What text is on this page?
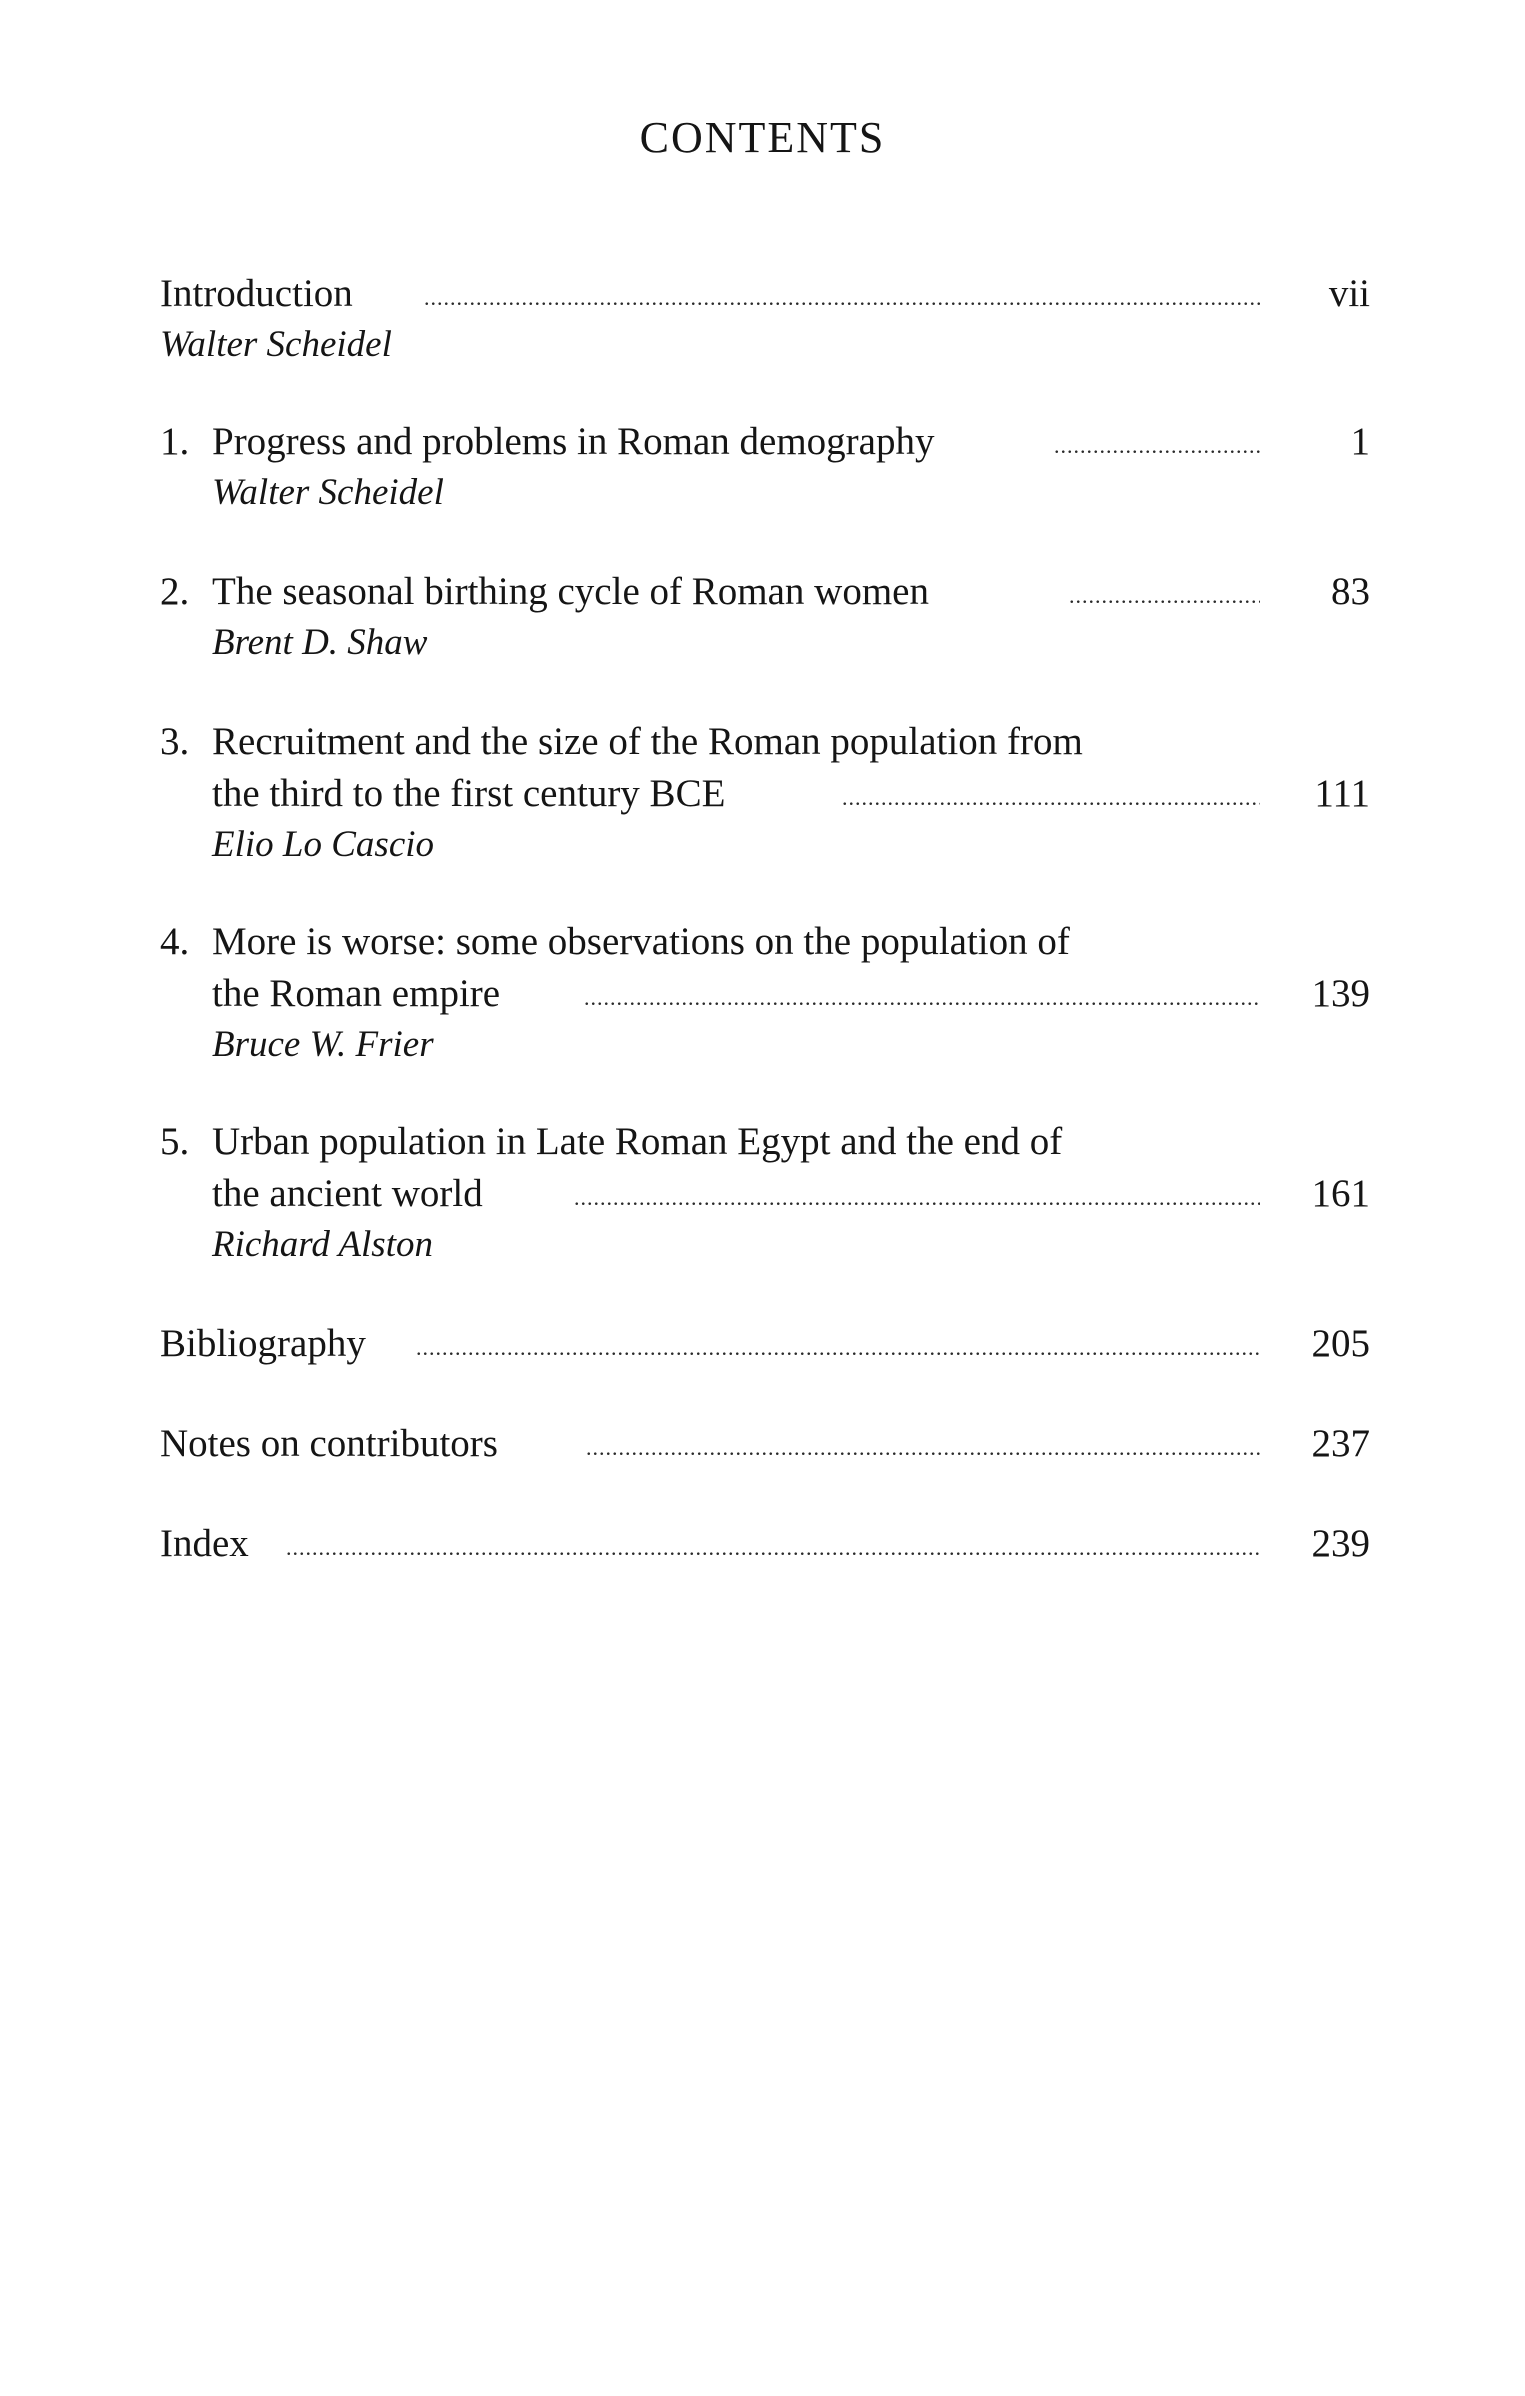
CONTENTS
Introduction .....	vii
Walter Scheidel
1. Progress and problems in Roman demography .....	1
Walter Scheidel
2. The seasonal birthing cycle of Roman women .....	83
Brent D. Shaw
3. Recruitment and the size of the Roman population from
the third to the first century BCE .....	111
Elio Lo Cascio
4. More is worse: some observations on the population of
the Roman empire .....	139
Bruce W. Frier
5. Urban population in Late Roman Egypt and the end of
the ancient world .....	161
Richard Alston
Bibliography .....	205
Notes on contributors .....	237
Index .....	239
